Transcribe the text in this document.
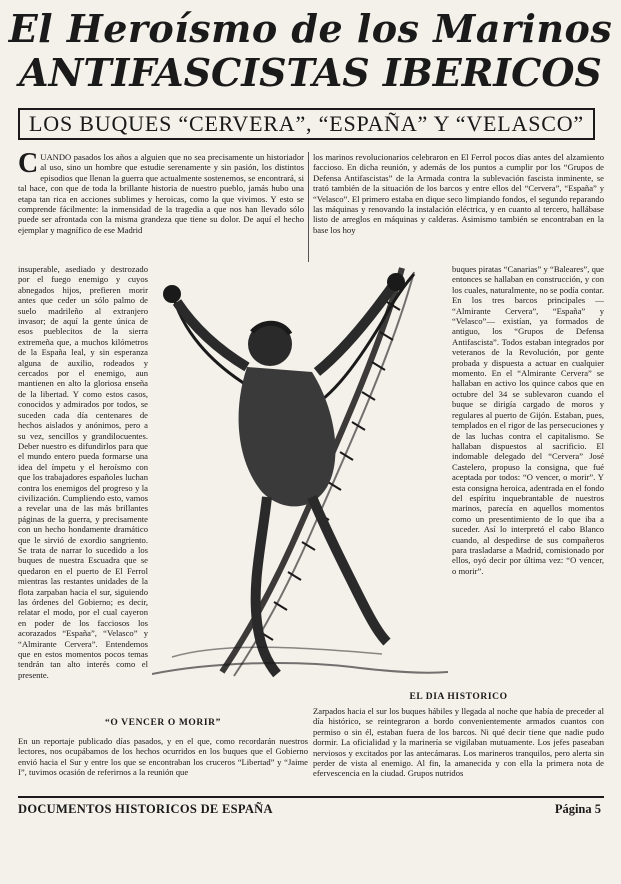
El Heroísmo de los Marinos
ANTIFASCISTAS IBERICOS
LOS BUQUES “CERVERA”, “ESPAÑA” Y “VELASCO”

CUANDO pasados los años a alguien que no sea precisamente un historiador al uso, sino un hombre que estudie serenamente y sin pasión, los distintos episodios que llenan la guerra que actualmente sostenemos, se encontrará, si tal hace, con que de toda la brillante historia de nuestro pueblo, jamás hubo una etapa tan rica en acciones sublimes y heroicas, como la que vivimos. Y esto se comprende fácilmente: la inmensidad de la tragedia a que nos han llevado sólo puede ser afrontada con la misma grandeza que tiene su dolor. De aquí el hecho ejemplar y magnífico de ese Madrid

los marinos revolucionarios celebraron en El Ferrol pocos días antes del alzamiento faccioso. En dicha reunión, y además de los puntos a cumplir por los “Grupos de Defensa Antifascistas” de la Armada contra la sublevación fascista inminente, se trató también de la situación de los barcos y entre ellos del “Cervera”, “España” y “Velasco”. El primero estaba en dique seco limpiando fondos, el segundo reparando las máquinas y renovando la instalación eléctrica, y en cuanto al tercero, hallábase listo de arreglos en máquinas y calderas. Asimismo también se encontraban en la base los hoy

insuperable, asediado y destrozado por el fuego enemigo y cuyos abnegados hijos, prefieren morir antes que ceder un sólo palmo de suelo madrileño al extranjero invasor; de aquí la gente única de esos pueblecitos de la sierra extremeña que, a muchos kilómetros de la España leal, y sin esperanza alguna de auxilio, rodeados y cercados por el enemigo, aun mantienen en alto la gloriosa enseña de la libertad. Y como estos casos, conocidos y admirados por todos, se suceden cada día centenares de hechos aislados y anónimos, pero a su vez, sencillos y grandilocuentes. Deber nuestro es difundirlos para que el mundo entero pueda formarse una idea del ímpetu y el heroísmo con que los trabajadores españoles luchan contra los enemigos del progreso y la civilización. Cumpliendo esto, vamos a revelar una de las más brillantes páginas de la guerra, y precisamente con un hecho hondamente dramático que le sirvió de exordio sangriento. Se trata de narrar lo sucedido a los buques de nuestra Escuadra que se quedaron en el puerto de El Ferrol mientras las restantes unidades de la flota zarpaban hacia el sur, siguiendo las órdenes del Gobierno; es decir, relatar el modo, por el cual cayeron en poder de los facciosos los acorazados “España”, “Velasco” y “Almirante Cervera”. Entendemos que en estos momentos pocos temas tendrán tan alto interés como el presente.

buques piratas “Canarias” y “Baleares”, que entonces se hallaban en construcción, y con los cuales, naturalmente, no se podía contar. En los tres barcos principales — “Almirante Cervera”, “España” y “Velasco”— existían, ya formados de antiguo, los “Grupos de Defensa Antifascista”. Todos estaban integrados por veteranos de la Revolución, por gente probada y dispuesta a actuar en cualquier momento. En el “Almirante Cervera” se hallaban en activo los quince cabos que en octubre del 34 se sublevaron cuando el buque se dirigía cargado de moros y regulares al puerto de Gijón. Estaban, pues, templados en el rigor de las persecuciones y de las luchas contra el capitalismo. Se hallaban dispuestos al sacrificio. El indomable delegado del “Cervera” José Castelero, propuso la consigna, que fué aceptada por todos: “O vencer, o morir”. Y esta consigna heroica, adentrada en el fondo del espíritu inquebrantable de nuestros marinos, parecía en aquellos momentos como un presentimiento de lo que iba a suceder. Así lo interpretó el cabo Blanco cuando, al despedirse de sus compañeros para trasladarse a Madrid, comisionado por ellos, oyó decir por última vez: “O vencer, o morir”.

“O VENCER O MORIR”

En un reportaje publicado días pasados, y en el que, como recordarán nuestros lectores, nos ocupábamos de los hechos ocurridos en los buques que el Gobierno envió hacia el Sur y entre los que se encontraban los cruceros “Libertad” y “Jaime I”, tuvimos ocasión de referirnos a la reunión que

EL DIA HISTORICO

Zarpados hacia el sur los buques hábiles y llegada al noche que había de preceder al día histórico, se reintegraron a bordo convenientemente armados cuantos con permiso o sin él, estaban fuera de los barcos. Ni qué decir tiene que nadie pudo dormir. La oficialidad y la marinería se vigilaban mutuamente. Los jefes paseaban nerviosos y excitados por las antecámaras. Los marineros tranquilos, pero alerta sin perder de vista al enemigo. Al fin, la amanecida y con ella la primera nota de efervescencia en la ciudad. Grupos nutridos

DOCUMENTOS HISTORICOS DE ESPAÑA	Página 5
